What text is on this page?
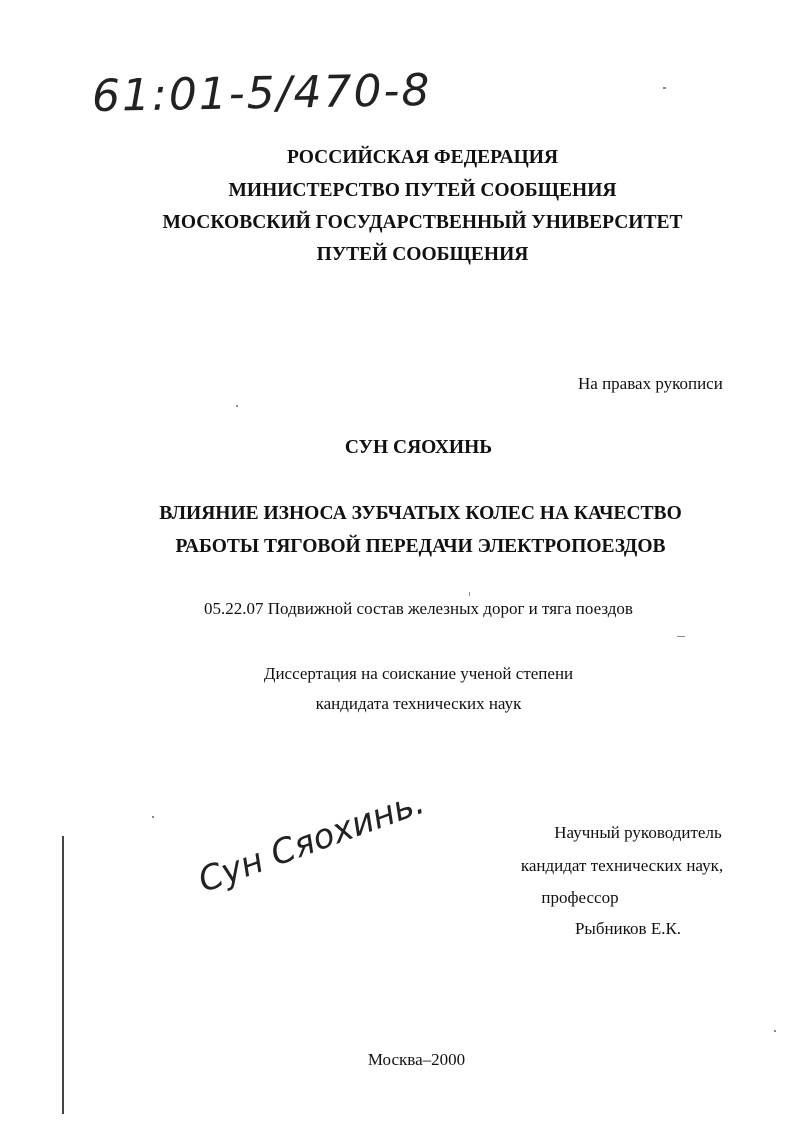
61:01-5/470-8
РОССИЙСКАЯ ФЕДЕРАЦИЯ
МИНИСТЕРСТВО ПУТЕЙ СООБЩЕНИЯ
МОСКОВСКИЙ ГОСУДАРСТВЕННЫЙ УНИВЕРСИТЕТ
ПУТЕЙ СООБЩЕНИЯ
На правах рукописи
СУН СЯОХИНЬ
ВЛИЯНИЕ ИЗНОСА ЗУБЧАТЫХ КОЛЕС НА КАЧЕСТВО
РАБОТЫ ТЯГОВОЙ ПЕРЕДАЧИ ЭЛЕКТРОПОЕЗДОВ
05.22.07 Подвижной состав железных дорог и тяга поездов
Диссертация на соискание ученой степени
кандидата технических наук
Научный руководитель
кандидат технических наук,
профессор
Рыбников Е.К.
Сун Сяохинь.
Москва–2000
